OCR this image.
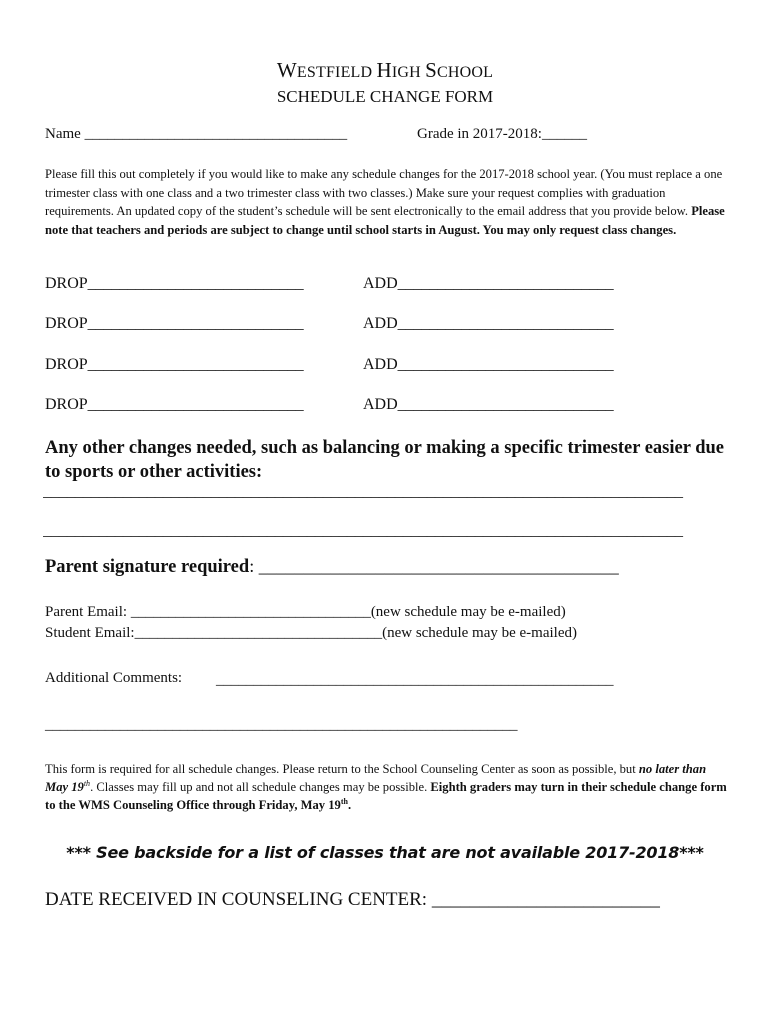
WESTFIELD HIGH SCHOOL
SCHEDULE CHANGE FORM
Name ___________________________________	Grade in 2017-2018:______
Please fill this out completely if you would like to make any schedule changes for the 2017-2018 school year. (You must replace a one trimester class with one class and a two trimester class with two classes.) Make sure your request complies with graduation requirements. An updated copy of the student’s schedule will be sent electronically to the email address that you provide below. Please note that teachers and periods are subject to change until school starts in August. You may only request class changes.
DROP___________________________	ADD___________________________
DROP___________________________	ADD___________________________
DROP___________________________	ADD___________________________
DROP___________________________	ADD___________________________
Any other changes needed, such as balancing or making a specific trimester easier due to sports or other activities:
________________________________________________________________________________
________________________________________________________________________________
Parent signature required: ________________________________________
Parent Email: ________________________________(new schedule may be e-mailed)
Student Email:_________________________________(new schedule may be e-mailed)
Additional Comments: _____________________________________________________
_______________________________________________________________
This form is required for all schedule changes. Please return to the School Counseling Center as soon as possible, but no later than May 19th. Classes may fill up and not all schedule changes may be possible. Eighth graders may turn in their schedule change form to the WMS Counseling Office through Friday, May 19th.
*** See backside for a list of classes that are not available 2017-2018***
DATE RECEIVED IN COUNSELING CENTER: ________________________
